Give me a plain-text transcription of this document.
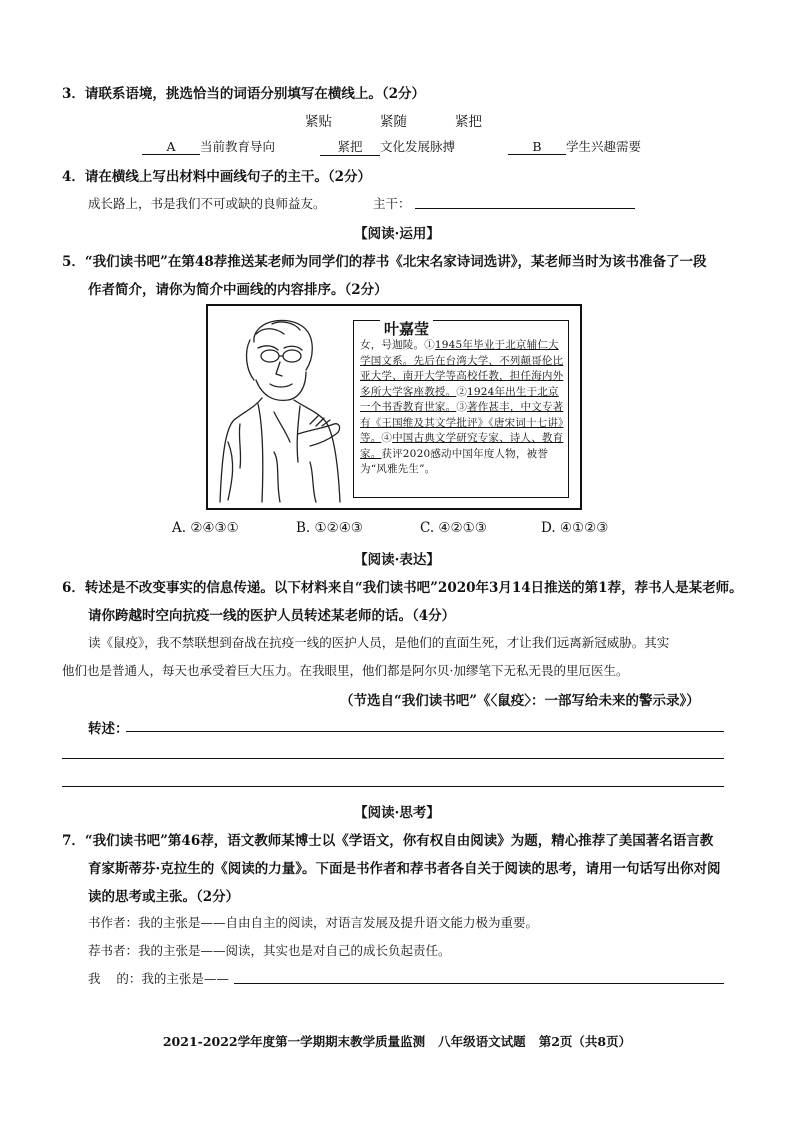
3．请联系语境，挑选恰当的词语分别填写在横线上。（2分）
紧贴	紧随	紧把
A 当前教育导向	紧把 文化发展脉搏	B 学生兴趣需要
4．请在横线上写出材料中画线句子的主干。（2分）
成长路上，书是我们不可或缺的良师益友。	主干：
【阅读·运用】
5．“我们读书吧”在第48荐推送某老师为同学们的荐书《北宋名家诗词选讲》，某老师当时为该书准备了一段
作者简介，请你为简介中画线的内容排序。（2分）
叶嘉莹
女，号迦陵。①1945年毕业于北京辅仁大学国文系。先后在台湾大学、不列颠哥伦比亚大学、南开大学等高校任教，担任海内外多所大学客座教授。②1924年出生于北京一个书香教育世家。③著作甚丰，中文专著有《王国维及其文学批评》《唐宋词十七讲》等。④中国古典文学研究专家、诗人、教育家。获评2020感动中国年度人物，被誉为“风雅先生”。
A. ②④③①	B. ①②④③	C. ④②①③	D. ④①②③
【阅读·表达】
6．转述是不改变事实的信息传递。以下材料来自“我们读书吧”2020年3月14日推送的第1荐，荐书人是某老师。
请你跨越时空向抗疫一线的医护人员转述某老师的话。（4分）
读《鼠疫》，我不禁联想到奋战在抗疫一线的医护人员，是他们的直面生死，才让我们远离新冠威胁。其实
他们也是普通人，每天也承受着巨大压力。在我眼里，他们都是阿尔贝·加缪笔下无私无畏的里厄医生。
（节选自“我们读书吧”《〈鼠疫〉：一部写给未来的警示录》）
转述：
【阅读·思考】
7．“我们读书吧”第46荐，语文教师某博士以《学语文，你有权自由阅读》为题，精心推荐了美国著名语言教
育家斯蒂芬·克拉生的《阅读的力量》。下面是书作者和荐书者各自关于阅读的思考，请用一句话写出你对阅
读的思考或主张。（2分）
书作者：我的主张是——自由自主的阅读，对语言发展及提升语文能力极为重要。
荐书者：我的主张是——阅读，其实也是对自己的成长负起责任。
我    的：我的主张是——
2021-2022学年度第一学期期末教学质量监测   八年级语文试题   第2页（共8页）
